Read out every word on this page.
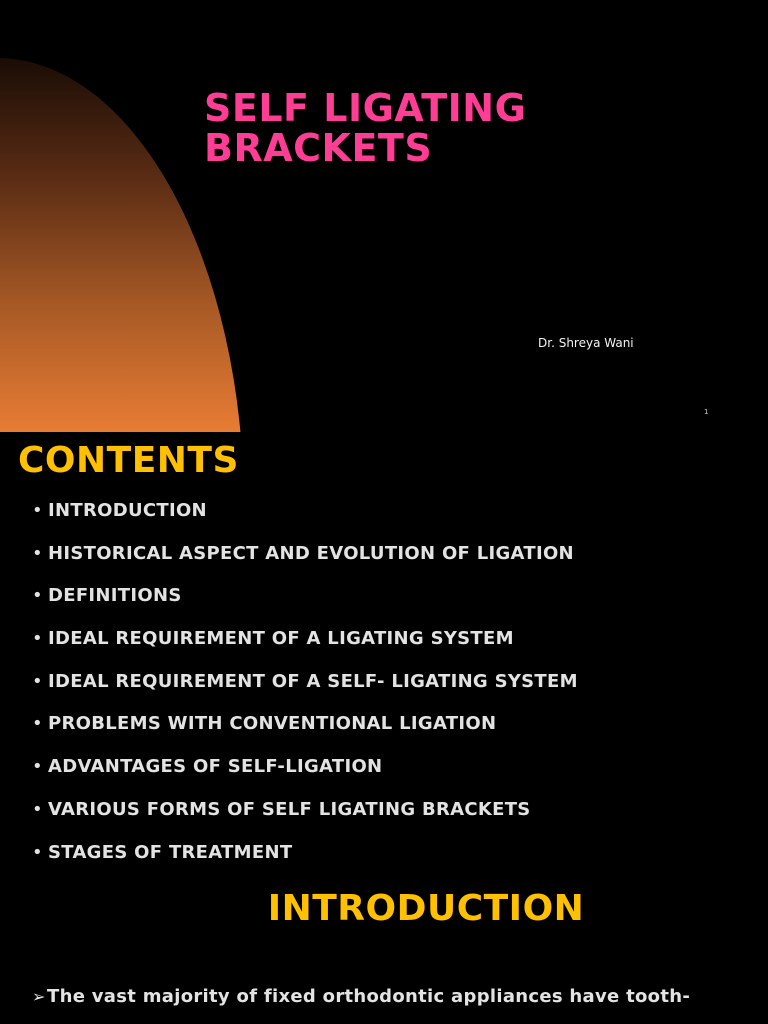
SELF LIGATING
BRACKETS
Dr. Shreya Wani
1
CONTENTS
• INTRODUCTION
• HISTORICAL ASPECT AND EVOLUTION OF LIGATION
• DEFINITIONS
• IDEAL REQUIREMENT OF A LIGATING SYSTEM
• IDEAL REQUIREMENT OF A SELF- LIGATING SYSTEM
• PROBLEMS WITH CONVENTIONAL LIGATION
• ADVANTAGES OF SELF-LIGATION
• VARIOUS FORMS OF SELF LIGATING BRACKETS
• STAGES OF TREATMENT
INTRODUCTION

➢The vast majority of fixed orthodontic appliances have tooth-
